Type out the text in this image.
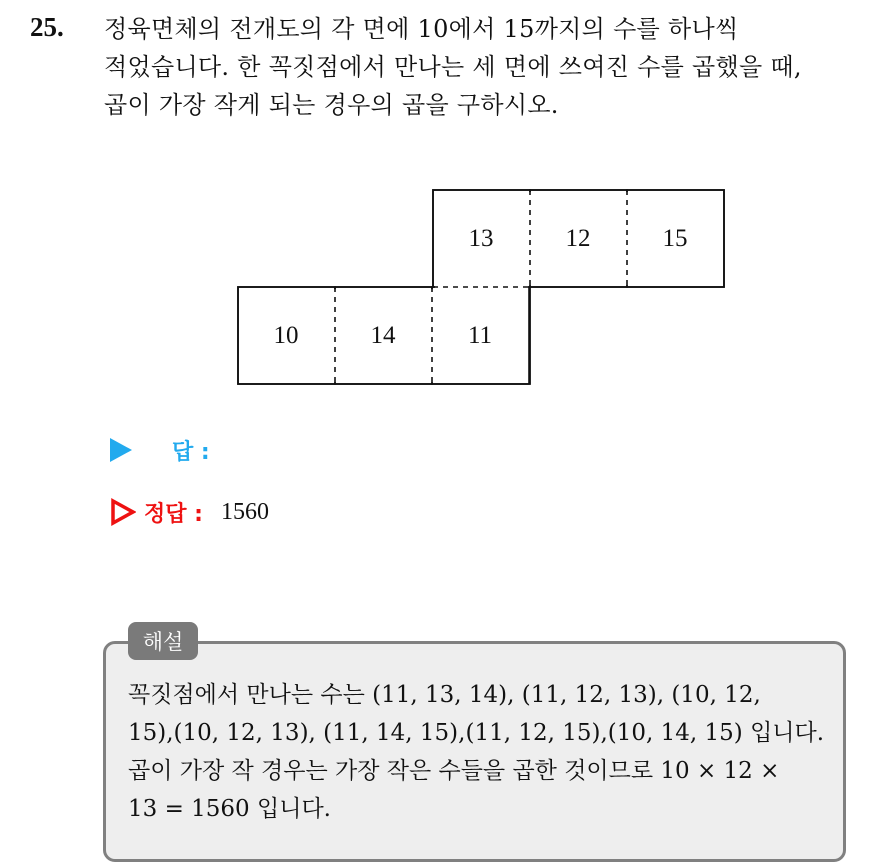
25. 정육면체의 전개도의 각 면에 10에서 15까지의 수를 하나씩
적었습니다. 한 꼭짓점에서 만나는 세 면에 쓰여진 수를 곱했을 때,
곱이 가장 작게 되는 경우의 곱을 구하시오.
13	12	15
10	14	11
답 :
정답 : 1560
해설
꼭짓점에서 만나는 수는 (11, 13, 14), (11, 12, 13), (10, 12,
15),(10, 12, 13), (11, 14, 15),(11, 12, 15),(10, 14, 15) 입니다.
곱이 가장 작 경우는 가장 작은 수들을 곱한 것이므로 10 × 12 ×
13 = 1560 입니다.
